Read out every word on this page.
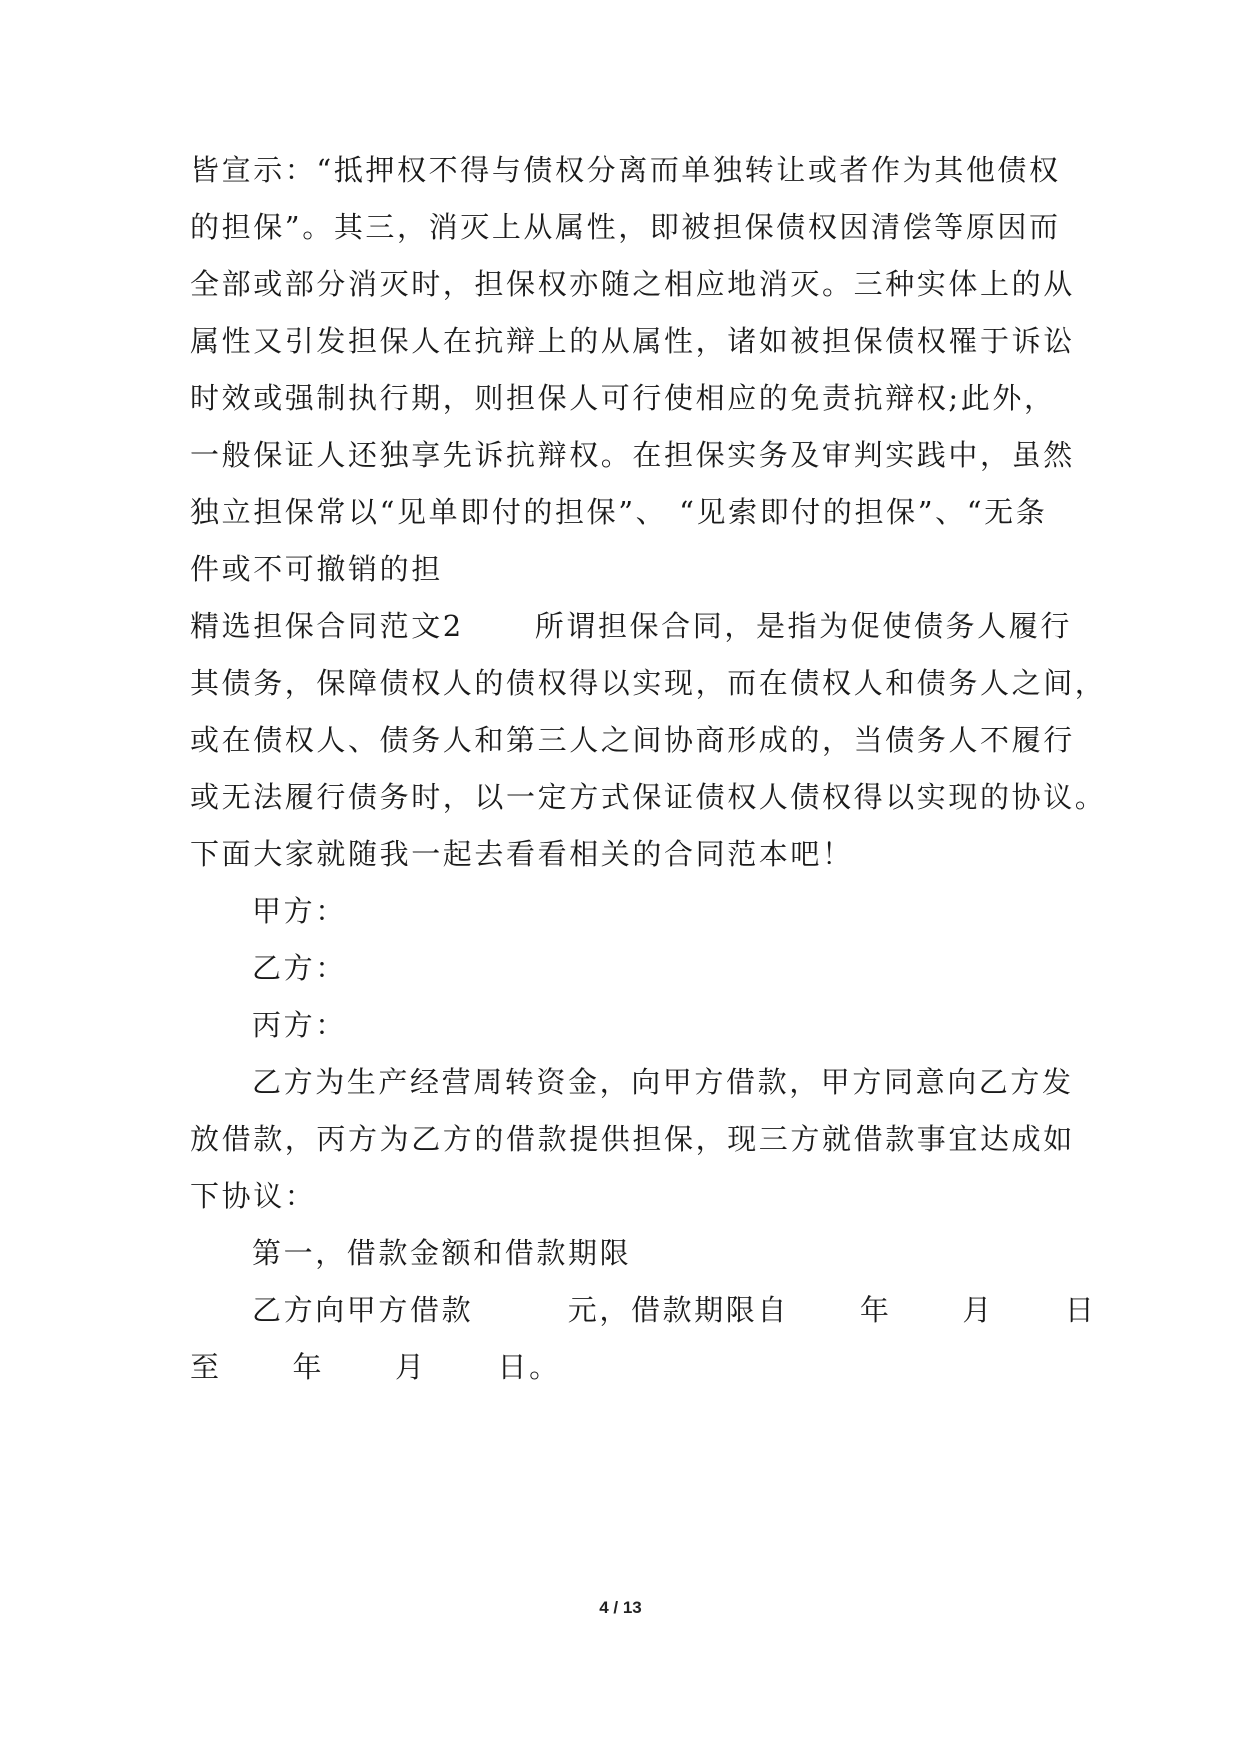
皆宣示：“抵押权不得与债权分离而单独转让或者作为其他债权
的担保”。其三，消灭上从属性，即被担保债权因清偿等原因而
全部或部分消灭时，担保权亦随之相应地消灭。三种实体上的从
属性又引发担保人在抗辩上的从属性，诸如被担保债权罹于诉讼
时效或强制执行期，则担保人可行使相应的免责抗辩权;此外，
一般保证人还独享先诉抗辩权。在担保实务及审判实践中，虽然
独立担保常以“见单即付的担保”、 “见索即付的担保”、“无条
件或不可撤销的担
精选担保合同范文2      所谓担保合同，是指为促使债务人履行
其债务，保障债权人的债权得以实现，而在债权人和债务人之间，
或在债权人、债务人和第三人之间协商形成的，当债务人不履行
或无法履行债务时，以一定方式保证债权人债权得以实现的协议。
下面大家就随我一起去看看相关的合同范本吧！
甲方：
乙方：
丙方：
乙方为生产经营周转资金，向甲方借款，甲方同意向乙方发
放借款，丙方为乙方的借款提供担保，现三方就借款事宜达成如
下协议：
第一，借款金额和借款期限
乙方向甲方借款        元，借款期限自      年      月      日
至      年      月      日。
4 / 13
